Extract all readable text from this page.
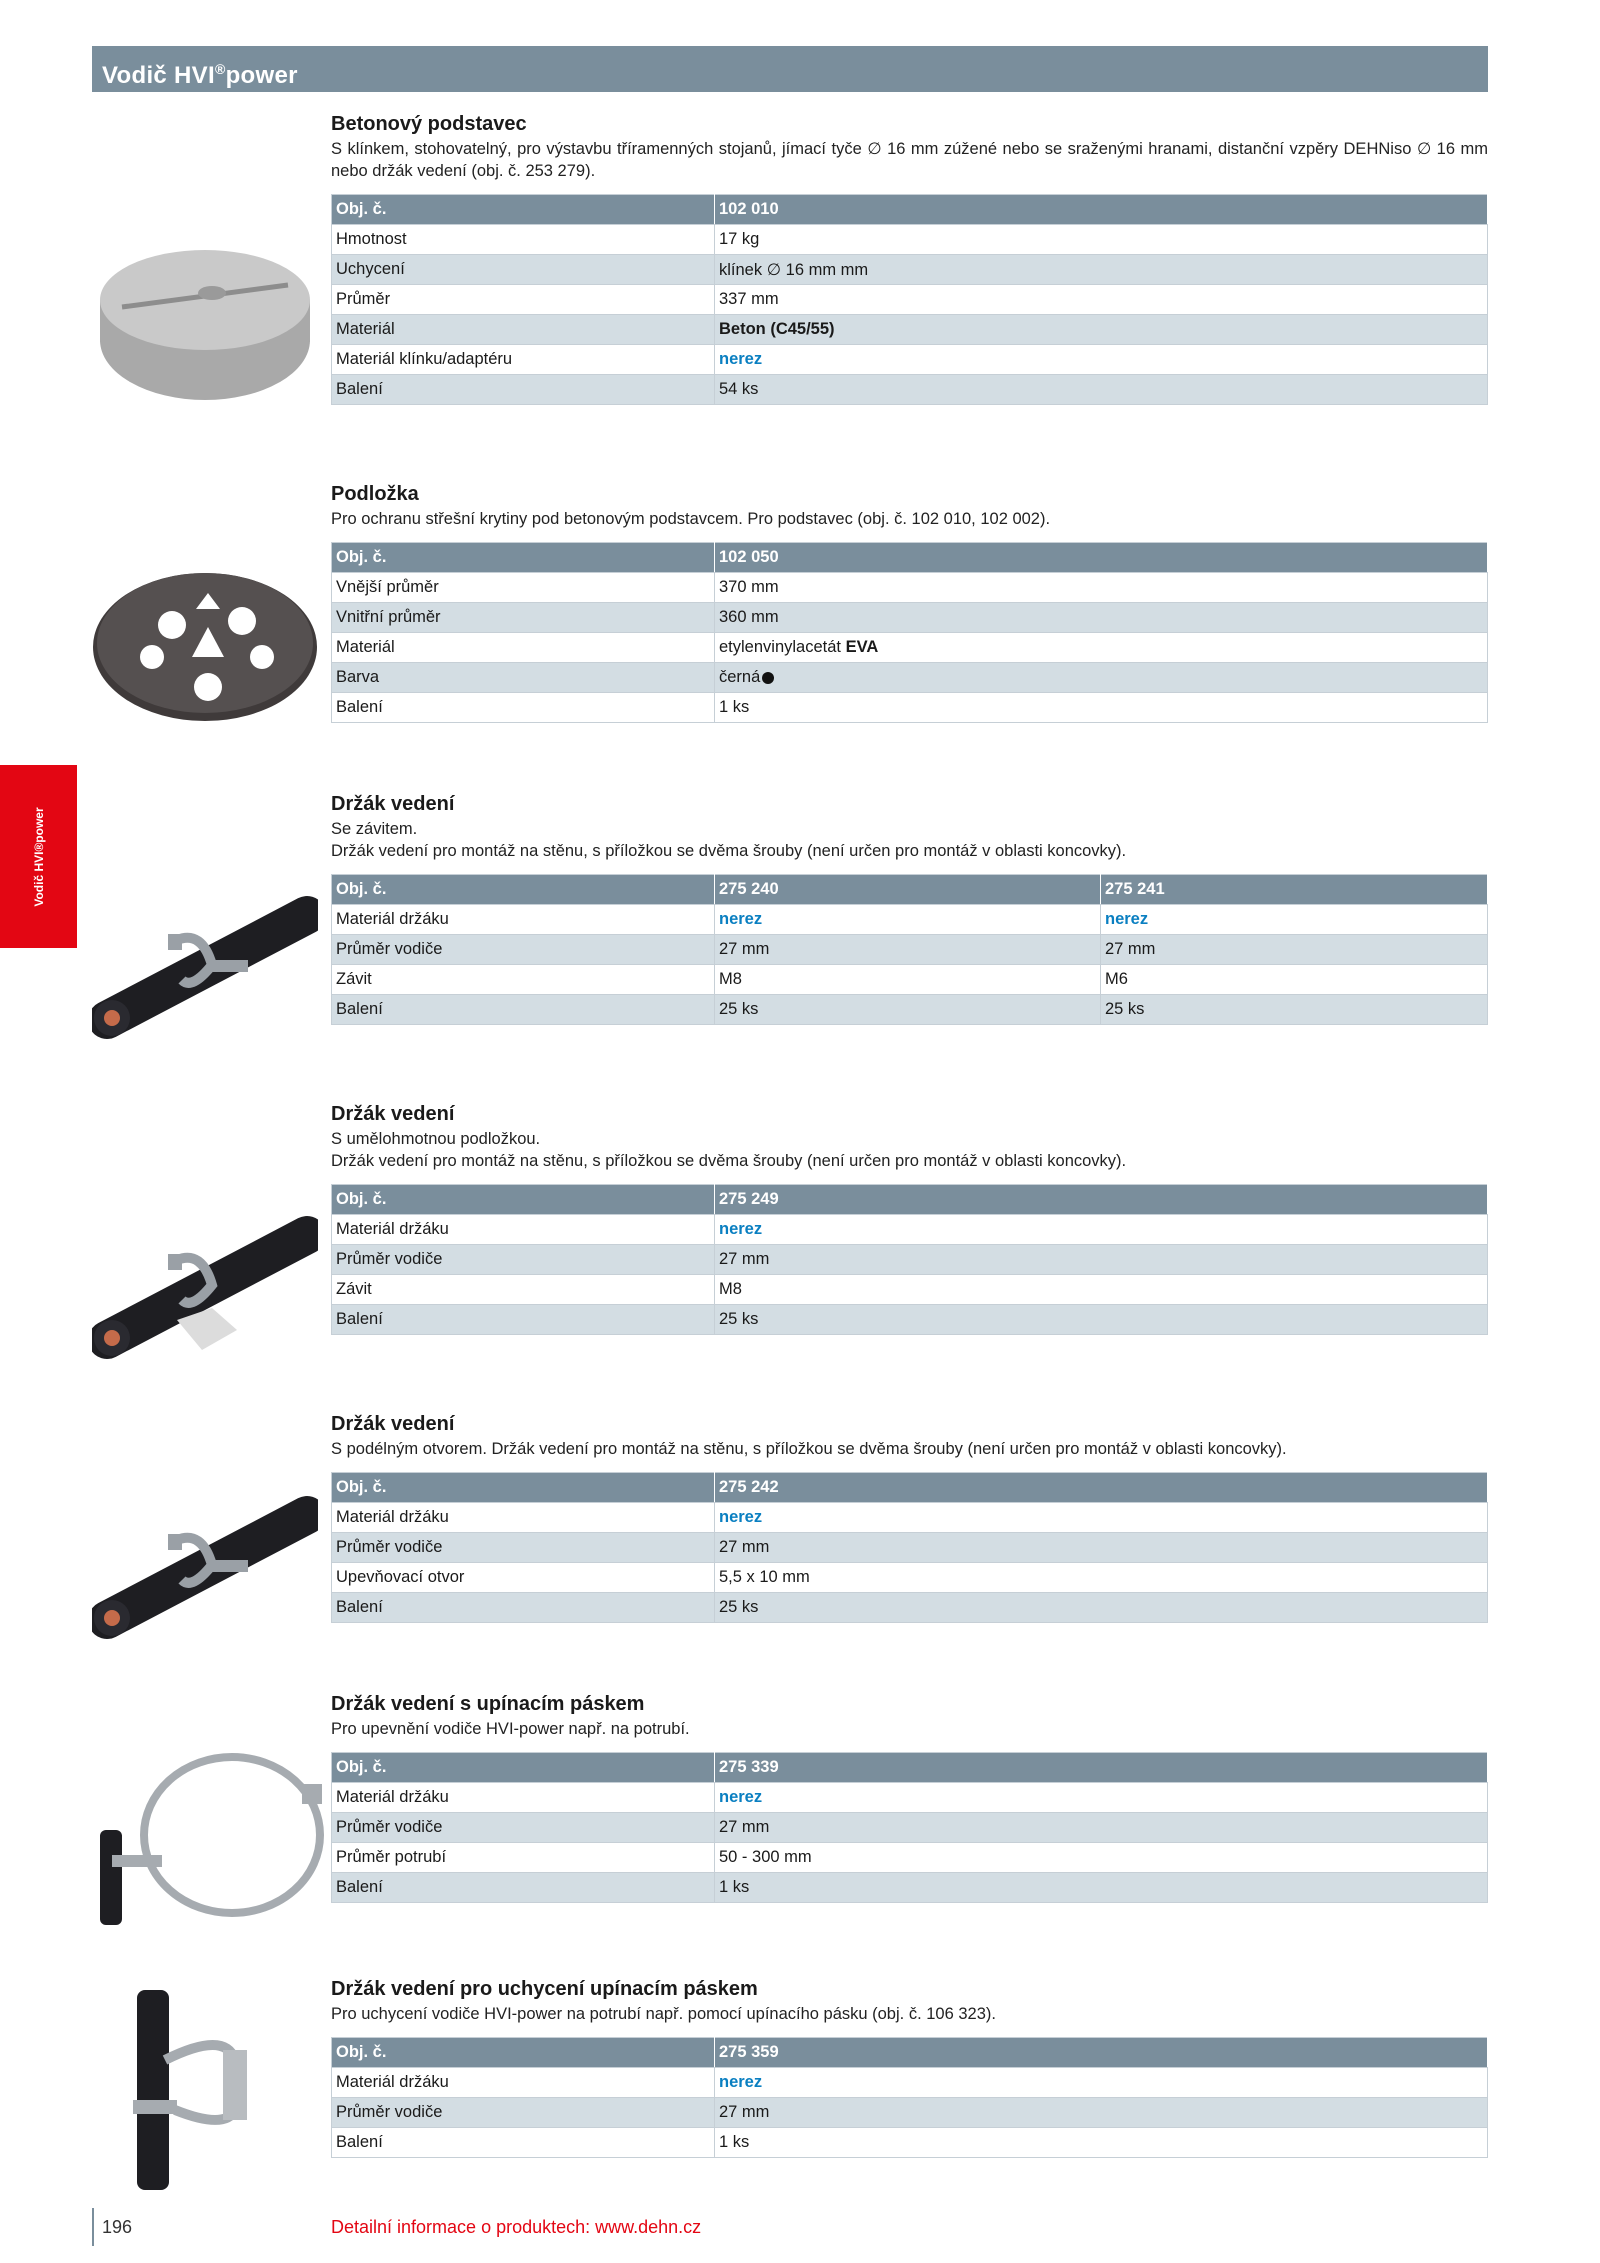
Vodič HVI®power
Vodič HVI®power
Betonový podstavec
S klínkem, stohovatelný, pro výstavbu tříramenných stojanů, jímací tyče ∅ 16 mm zúžené nebo se sraženými hranami, distanční vzpěry DEHNiso ∅ 16 mm nebo držák vedení (obj. č. 253 279).
Obj. č.	102 010
Hmotnost	17 kg
Uchycení	klínek ∅ 16 mm mm
Průměr	337 mm
Materiál	Beton (C45/55)
Materiál klínku/adaptéru	nerez
Balení	54 ks
Podložka
Pro ochranu střešní krytiny pod betonovým podstavcem. Pro podstavec (obj. č. 102 010, 102 002).
Obj. č.	102 050
Vnější průměr	370 mm
Vnitřní průměr	360 mm
Materiál	etylenvinylacetát EVA
Barva	černá
Balení	1 ks
Držák vedení
Se závitem.
Držák vedení pro montáž na stěnu, s příložkou se dvěma šrouby (není určen pro montáž v oblasti koncovky).
Obj. č.	275 240	275 241
Materiál držáku	nerez	nerez
Průměr vodiče	27 mm	27 mm
Závit	M8	M6
Balení	25 ks	25 ks
Držák vedení
S umělohmotnou podložkou.
Držák vedení pro montáž na stěnu, s příložkou se dvěma šrouby (není určen pro montáž v oblasti koncovky).
Obj. č.	275 249
Materiál držáku	nerez
Průměr vodiče	27 mm
Závit	M8
Balení	25 ks
Držák vedení
S podélným otvorem. Držák vedení pro montáž na stěnu, s příložkou se dvěma šrouby (není určen pro montáž v oblasti koncovky).
Obj. č.	275 242
Materiál držáku	nerez
Průměr vodiče	27 mm
Upevňovací otvor	5,5 x 10 mm
Balení	25 ks
Držák vedení s upínacím páskem
Pro upevnění vodiče HVI-power např. na potrubí.
Obj. č.	275 339
Materiál držáku	nerez
Průměr vodiče	27 mm
Průměr potrubí	50 - 300 mm
Balení	1 ks
Držák vedení pro uchycení upínacím páskem
Pro uchycení vodiče HVI-power na potrubí např. pomocí upínacího pásku (obj. č. 106 323).
Obj. č.	275 359
Materiál držáku	nerez
Průměr vodiče	27 mm
Balení	1 ks
196	Detailní informace o produktech: www.dehn.cz
